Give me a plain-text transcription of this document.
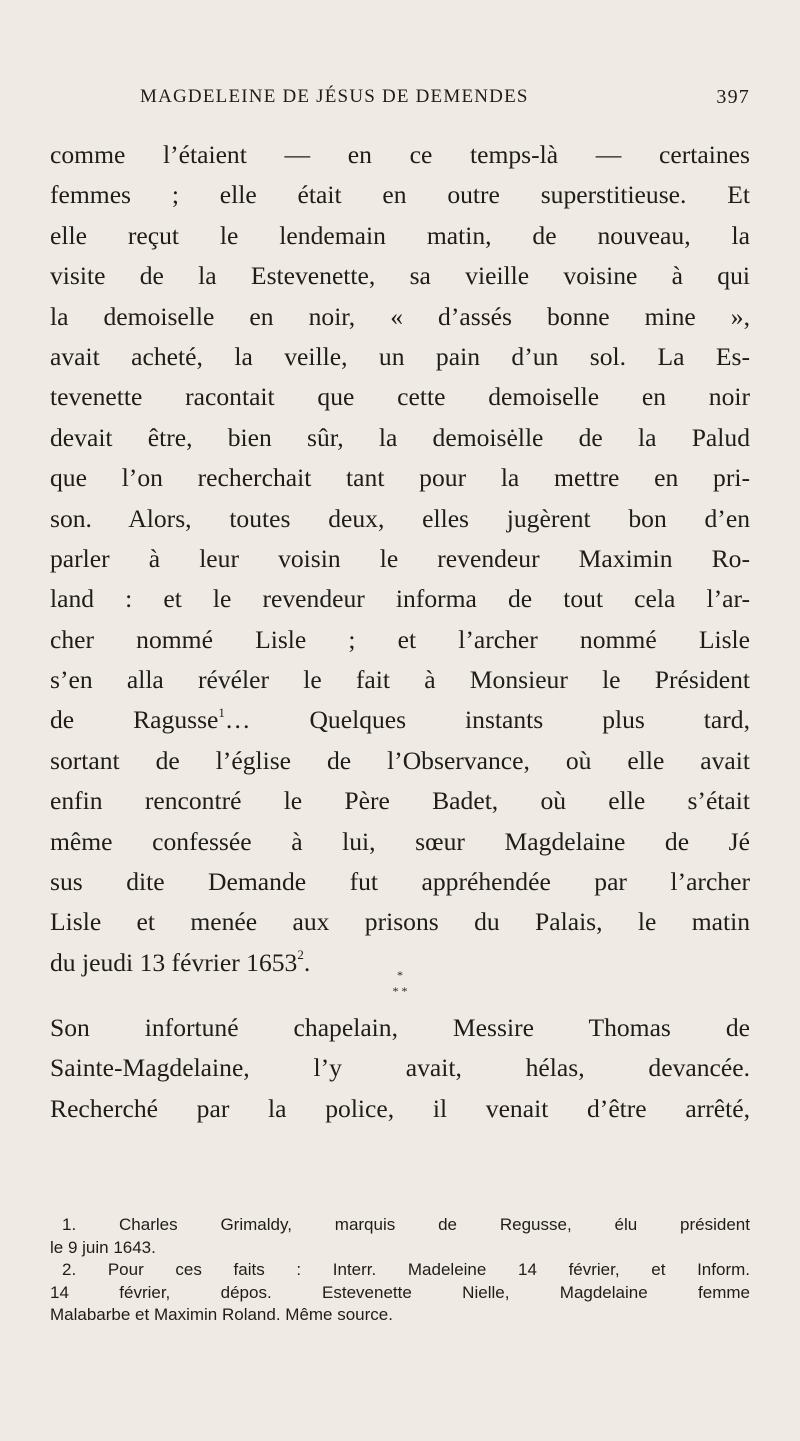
MAGDELEINE DE JÉSUS DE DEMENDES	397
comme l’étaient — en ce temps-là — certaines
femmes ; elle était en outre superstitieuse. Et
elle reçut le lendemain matin, de nouveau, la
visite de la Estevenette, sa vieille voisine à qui
la demoiselle en noir, « d’assés bonne mine »,
avait acheté, la veille, un pain d’un sol. La Es-
tevenette racontait que cette demoiselle en noir
devait être, bien sûr, la demoisėlle de la Palud
que l’on recherchait tant pour la mettre en pri-
son. Alors, toutes deux, elles jugèrent bon d’en
parler à leur voisin le revendeur Maximin Ro-
land : et le revendeur informa de tout cela l’ar-
cher nommé Lisle ; et l’archer nommé Lisle
s’en alla révéler le fait à Monsieur le Président
de Ragusse$^1$… Quelques instants plus tard,
sortant de l’église de l’Observance, où elle avait
enfin rencontré le Père Badet, où elle s’était
même confessée à lui, sœur Magdelaine de Jé
sus dite Demande fut appréhendée par l’archer
Lisle et menée aux prisons du Palais, le matin
du jeudi 13 février 1653$^2$.	*
* *
Son infortuné chapelain, Messire Thomas de
Sainte-Magdelaine, l’y avait, hélas, devancée.
Recherché par la police, il venait d’être arrêté,
1. Charles Grimaldy, marquis de Regusse, élu président
le 9 juin 1643.
2. Pour ces faits : Interr. Madeleine 14 février, et Inform.
14 février, dépos. Estevenette Nielle, Magdelaine femme
Malabarbe et Maximin Roland. Même source.
